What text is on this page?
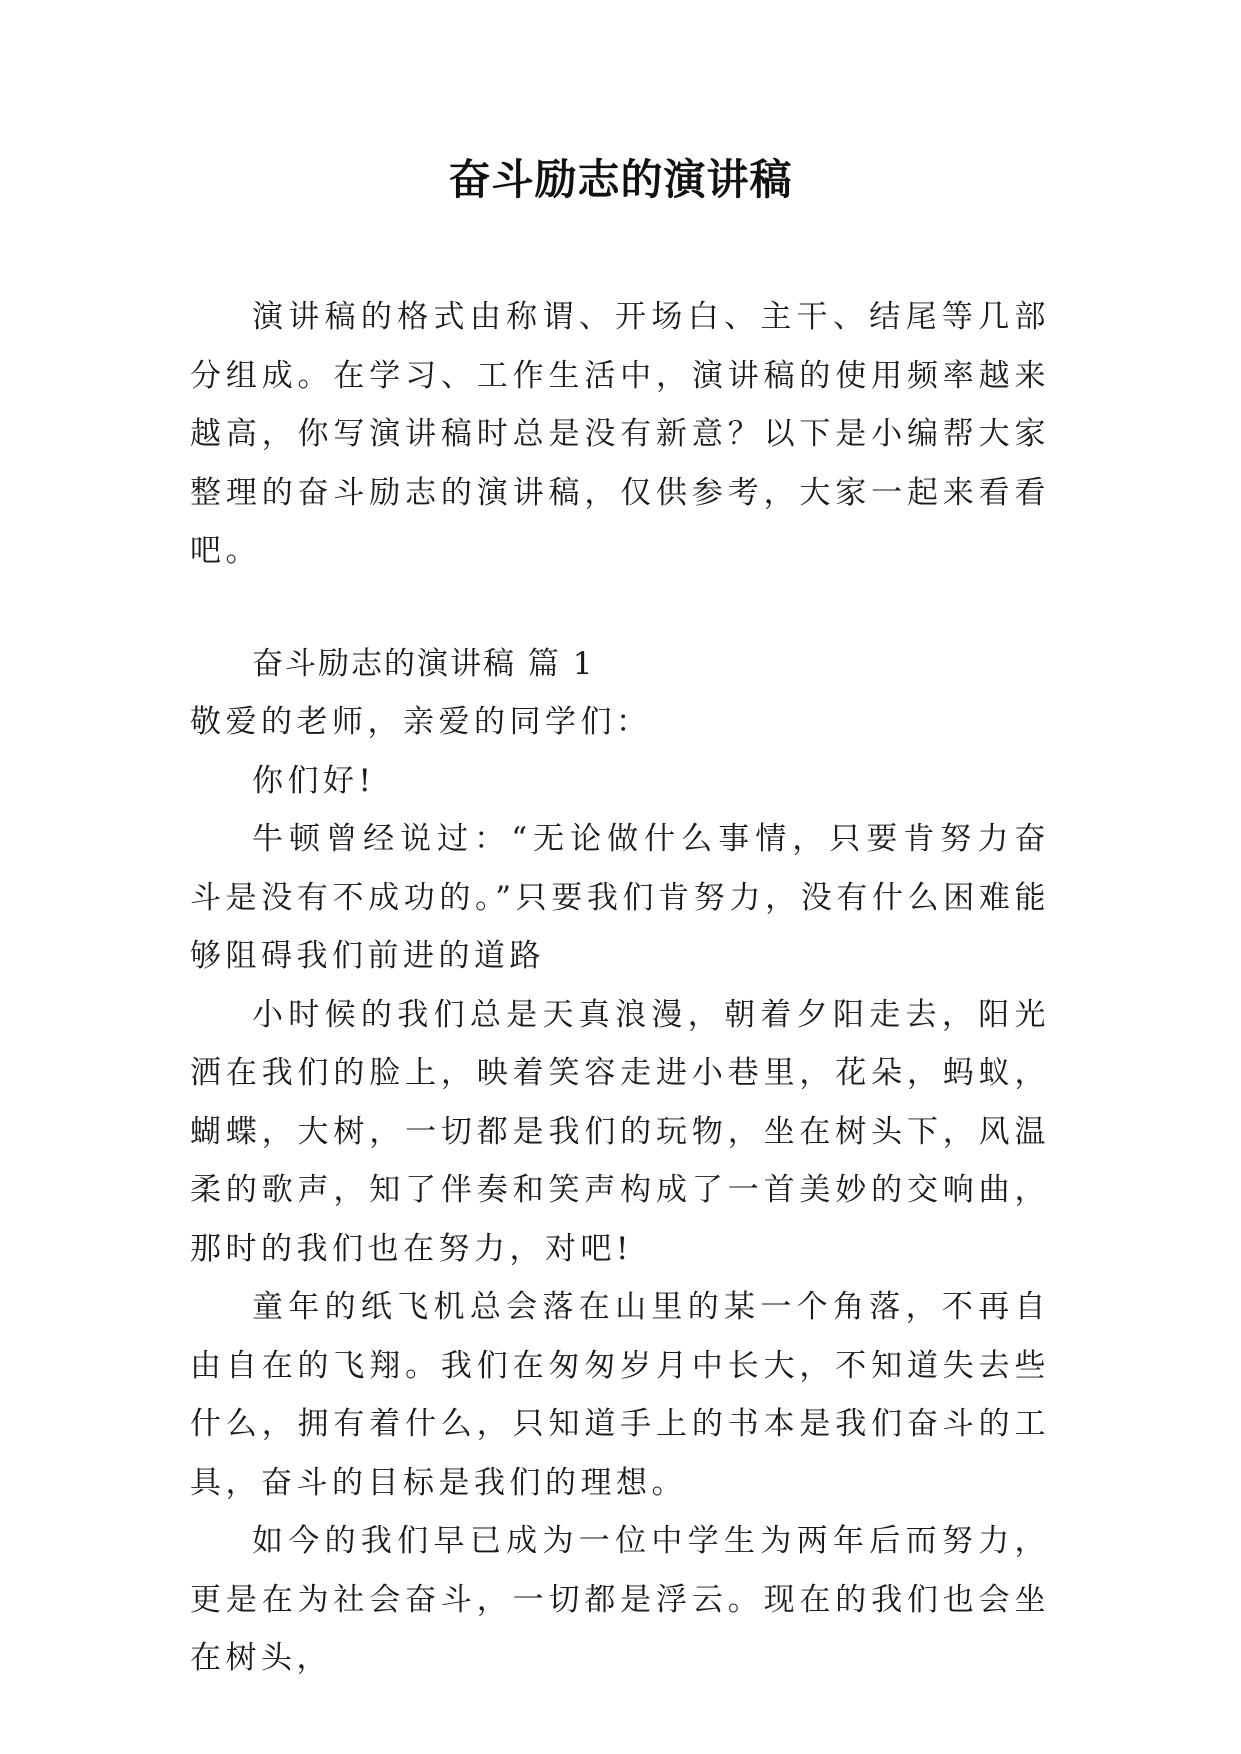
奋斗励志的演讲稿

演讲稿的格式由称谓、开场白、主干、结尾等几部分组成。在学习、工作生活中，演讲稿的使用频率越来越高，你写演讲稿时总是没有新意？以下是小编帮大家整理的奋斗励志的演讲稿，仅供参考，大家一起来看看吧。

奋斗励志的演讲稿 篇 1

敬爱的老师，亲爱的同学们：

你们好!

牛顿曾经说过：“无论做什么事情，只要肯努力奋斗是没有不成功的。”只要我们肯努力，没有什么困难能够阻碍我们前进的道路

小时候的我们总是天真浪漫，朝着夕阳走去，阳光洒在我们的脸上，映着笑容走进小巷里，花朵，蚂蚁，蝴蝶，大树，一切都是我们的玩物，坐在树头下，风温柔的歌声，知了伴奏和笑声构成了一首美妙的交响曲，那时的我们也在努力，对吧!

童年的纸飞机总会落在山里的某一个角落，不再自由自在的飞翔。我们在匆匆岁月中长大，不知道失去些什么，拥有着什么，只知道手上的书本是我们奋斗的工具，奋斗的目标是我们的理想。

如今的我们早已成为一位中学生为两年后而努力，更是在为社会奋斗，一切都是浮云。现在的我们也会坐在树头，
